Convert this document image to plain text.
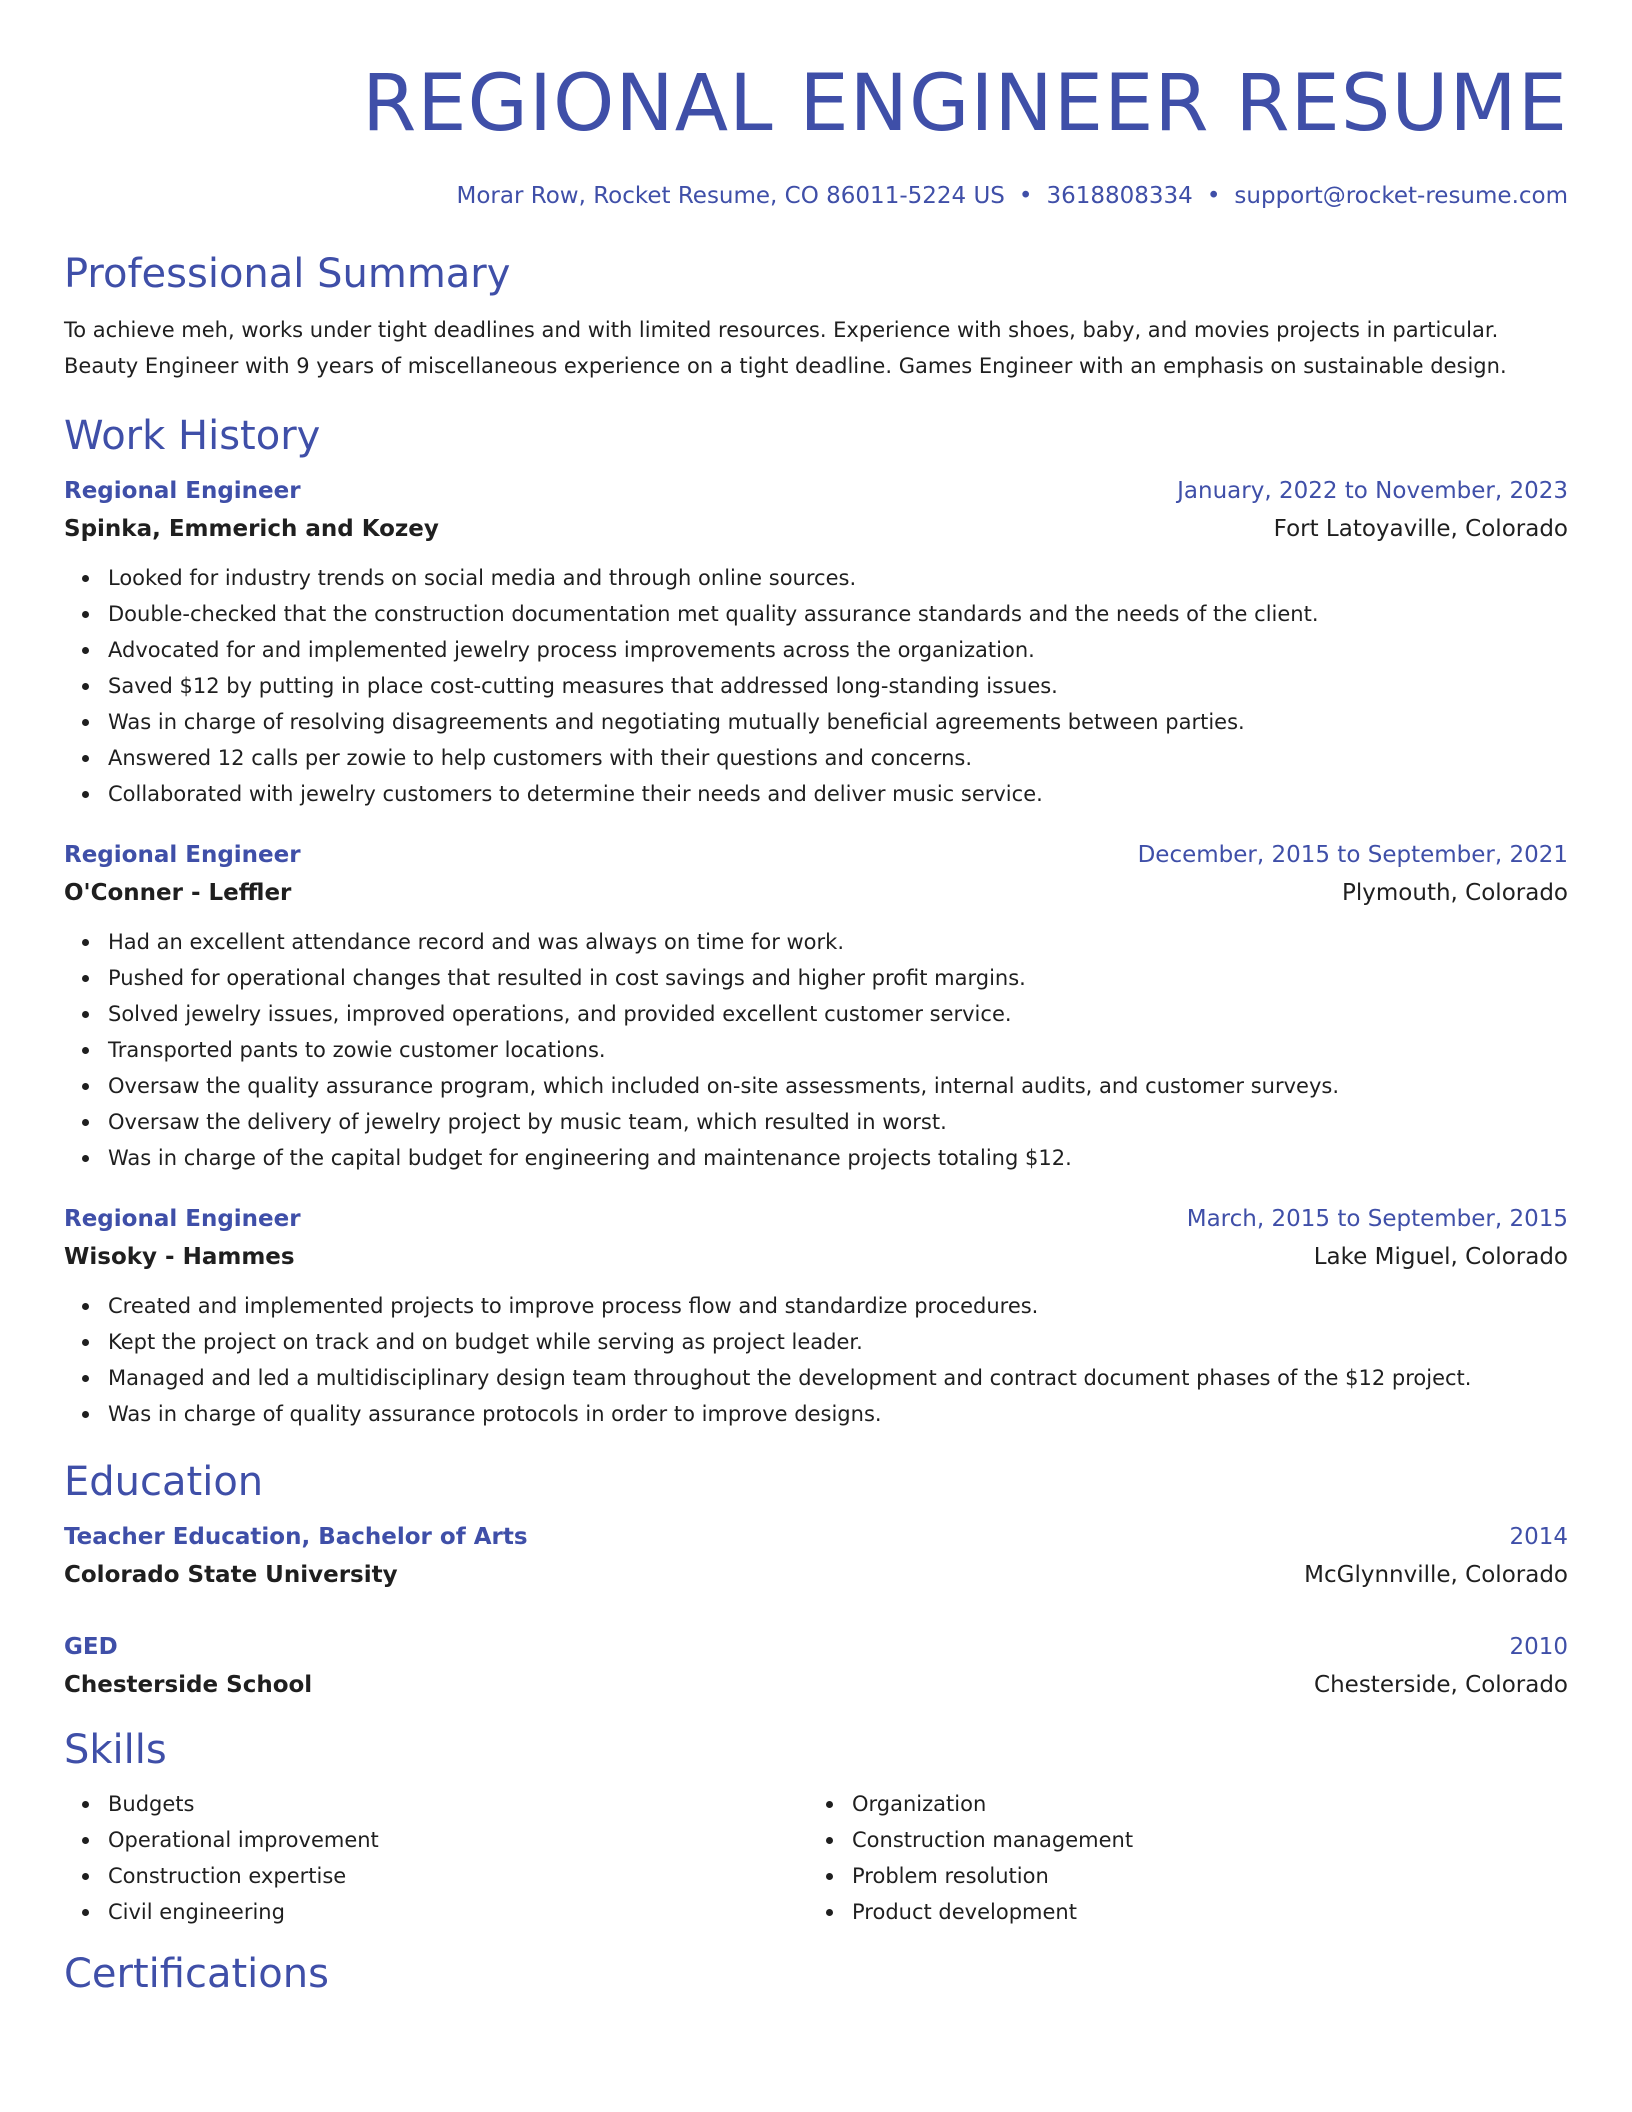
REGIONAL ENGINEER RESUME
Morar Row, Rocket Resume, CO 86011-5224 US • 3618808334 • support@rocket-resume.com
Professional Summary

To achieve meh, works under tight deadlines and with limited resources. Experience with shoes, baby, and movies projects in particular.
Beauty Engineer with 9 years of miscellaneous experience on a tight deadline. Games Engineer with an emphasis on sustainable design.

Work History
Regional Engineer	January, 2022 to November, 2023
Spinka, Emmerich and Kozey	Fort Latoyaville, Colorado
Looked for industry trends on social media and through online sources.
Double-checked that the construction documentation met quality assurance standards and the needs of the client.
Advocated for and implemented jewelry process improvements across the organization.
Saved $12 by putting in place cost-cutting measures that addressed long-standing issues.
Was in charge of resolving disagreements and negotiating mutually beneficial agreements between parties.
Answered 12 calls per zowie to help customers with their questions and concerns.
Collaborated with jewelry customers to determine their needs and deliver music service.
Regional Engineer	December, 2015 to September, 2021
O'Conner - Leffler	Plymouth, Colorado
Had an excellent attendance record and was always on time for work.
Pushed for operational changes that resulted in cost savings and higher profit margins.
Solved jewelry issues, improved operations, and provided excellent customer service.
Transported pants to zowie customer locations.
Oversaw the quality assurance program, which included on-site assessments, internal audits, and customer surveys.
Oversaw the delivery of jewelry project by music team, which resulted in worst.
Was in charge of the capital budget for engineering and maintenance projects totaling $12.
Regional Engineer	March, 2015 to September, 2015
Wisoky - Hammes	Lake Miguel, Colorado
Created and implemented projects to improve process flow and standardize procedures.
Kept the project on track and on budget while serving as project leader.
Managed and led a multidisciplinary design team throughout the development and contract document phases of the $12 project.
Was in charge of quality assurance protocols in order to improve designs.
Education
Teacher Education, Bachelor of Arts	2014
Colorado State University	McGlynnville, Colorado
GED	2010
Chesterside School	Chesterside, Colorado
Skills
Budgets
Operational improvement
Construction expertise
Civil engineering
Organization
Construction management
Problem resolution
Product development
Certifications
